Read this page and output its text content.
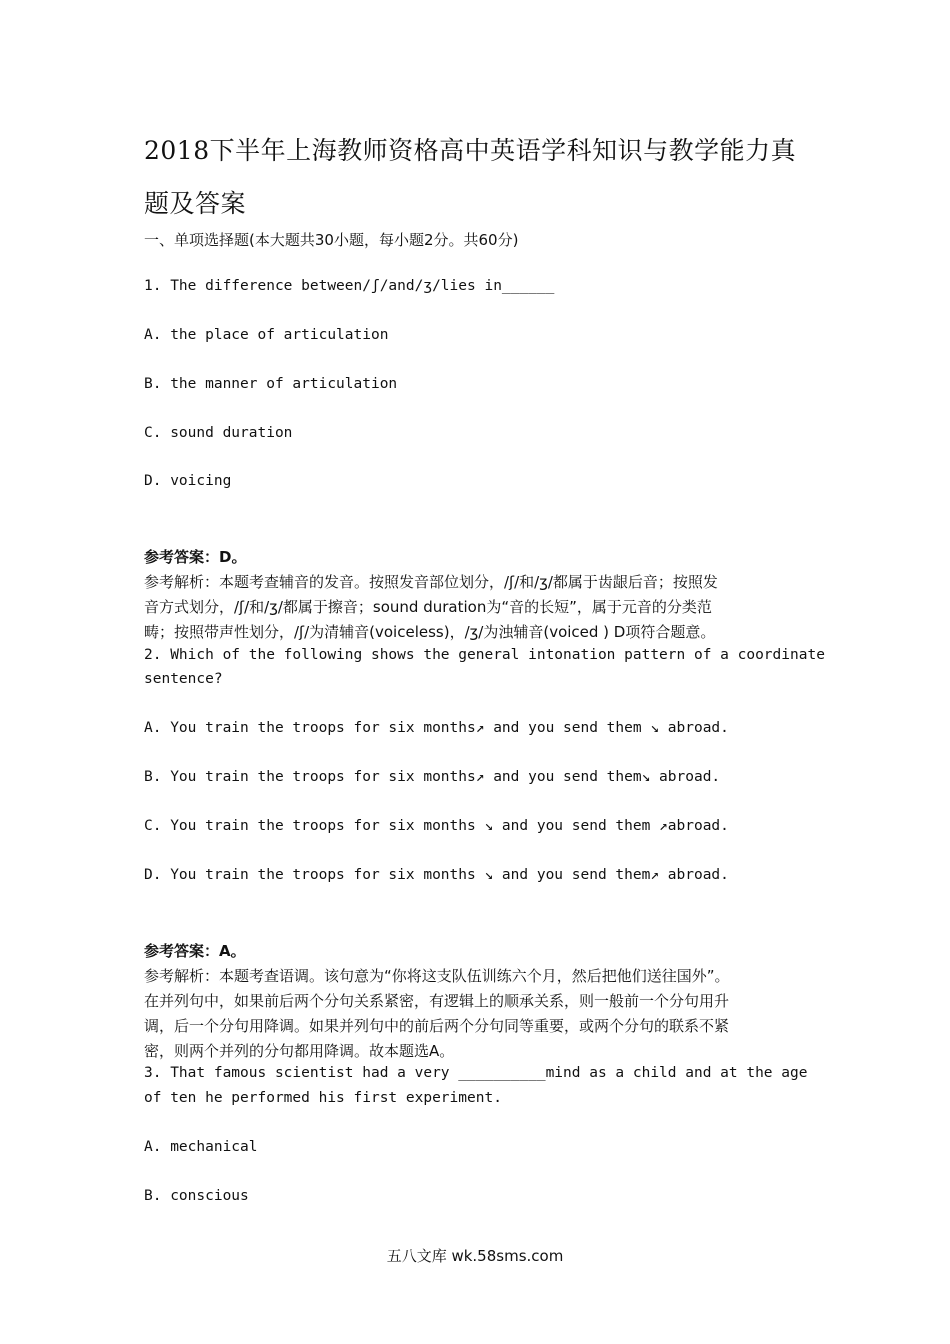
2018下半年上海教师资格高中英语学科知识与教学能力真
题及答案
一、单项选择题(本大题共30小题，每小题2分。共60分)
1. The difference between/ʃ/and/ʒ/lies in______
A. the place of articulation
B. the manner of articulation
C. sound duration
D. voicing
参考答案：D。
参考解析：本题考查辅音的发音。按照发音部位划分，/ʃ/和/ʒ/都属于齿龈后音；按照发
音方式划分，/ʃ/和/ʒ/都属于擦音；sound duration为“音的长短”，属于元音的分类范
畴；按照带声性划分，/ʃ/为清辅音(voiceless)，/ʒ/为浊辅音(voiced ) D项符合题意。
2. Which of the following shows the general intonation pattern of a coordinate
sentence?
A. You train the troops for six months↗ and you send them ↘ abroad.
B. You train the troops for six months↗ and you send them↘ abroad.
C. You train the troops for six months ↘ and you send them ↗abroad.
D. You train the troops for six months ↘ and you send them↗ abroad.
参考答案：A。
参考解析：本题考查语调。该句意为“你将这支队伍训练六个月，然后把他们送往国外”。
在并列句中，如果前后两个分句关系紧密，有逻辑上的顺承关系，则一般前一个分句用升
调，后一个分句用降调。如果并列句中的前后两个分句同等重要，或两个分句的联系不紧
密，则两个并列的分句都用降调。故本题选A。
3. That famous scientist had a very __________mind as a child and at the age
of ten he performed his first experiment.
A. mechanical
B. conscious
五八文库 wk.58sms.com
